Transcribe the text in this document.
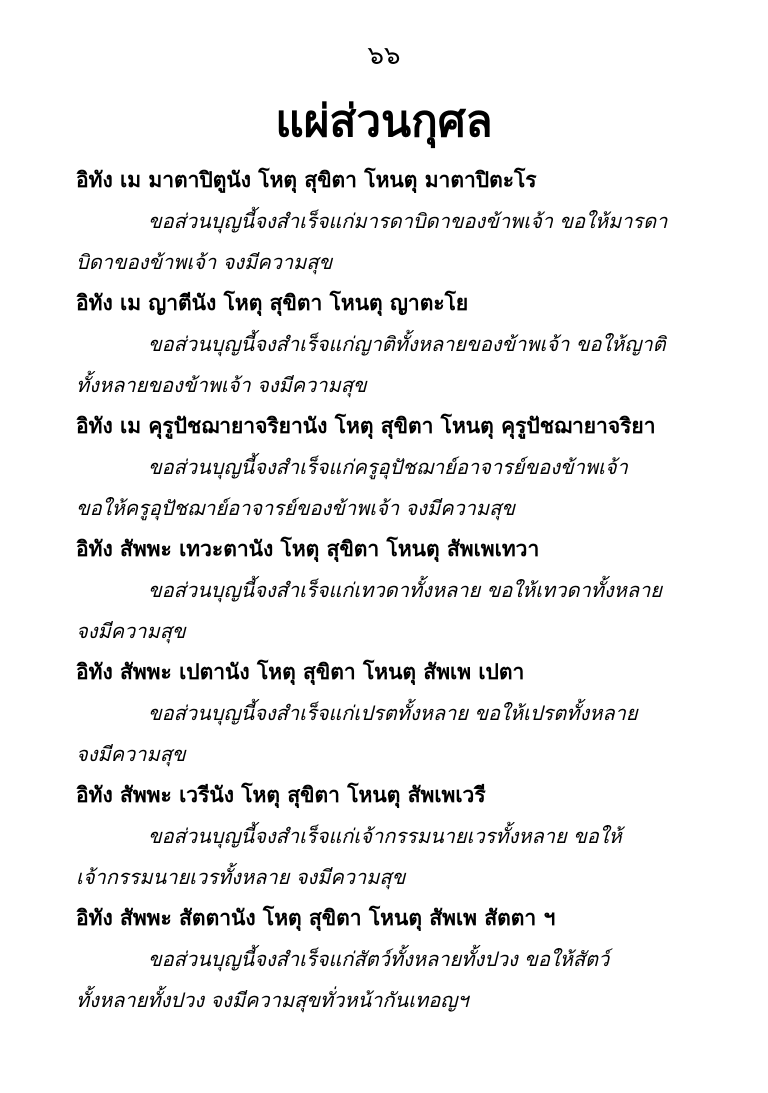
๖๖
แผ่ส่วนกุศล
อิทัง เม มาตาปิตูนัง โหตุ สุขิตา โหนตุ มาตาปิตะโร
ขอส่วนบุญนี้จงสำเร็จแก่มารดาบิดาของข้าพเจ้า ขอให้มารดา
บิดาของข้าพเจ้า จงมีความสุข
อิทัง เม ญาตีนัง โหตุ สุขิตา โหนตุ ญาตะโย
ขอส่วนบุญนี้จงสำเร็จแก่ญาติทั้งหลายของข้าพเจ้า ขอให้ญาติ
ทั้งหลายของข้าพเจ้า จงมีความสุข
อิทัง เม คุรูปัชฌายาจริยานัง โหตุ สุขิตา โหนตุ คุรูปัชฌายาจริยา
ขอส่วนบุญนี้จงสำเร็จแก่ครูอุปัชฌาย์อาจารย์ของข้าพเจ้า
ขอให้ครูอุปัชฌาย์อาจารย์ของข้าพเจ้า จงมีความสุข
อิทัง สัพพะ เทวะตานัง โหตุ สุขิตา โหนตุ สัพเพเทวา
ขอส่วนบุญนี้จงสำเร็จแก่เทวดาทั้งหลาย ขอให้เทวดาทั้งหลาย
จงมีความสุข
อิทัง สัพพะ เปตานัง โหตุ สุขิตา โหนตุ สัพเพ เปตา
ขอส่วนบุญนี้จงสำเร็จแก่เปรตทั้งหลาย ขอให้เปรตทั้งหลาย
จงมีความสุข
อิทัง สัพพะ เวรีนัง โหตุ สุขิตา โหนตุ สัพเพเวรี
ขอส่วนบุญนี้จงสำเร็จแก่เจ้ากรรมนายเวรทั้งหลาย ขอให้
เจ้ากรรมนายเวรทั้งหลาย จงมีความสุข
อิทัง สัพพะ สัตตานัง โหตุ สุขิตา โหนตุ สัพเพ สัตตา ฯ
ขอส่วนบุญนี้จงสำเร็จแก่สัตว์ทั้งหลายทั้งปวง ขอให้สัตว์
ทั้งหลายทั้งปวง จงมีความสุขทั่วหน้ากันเทอญฯ
